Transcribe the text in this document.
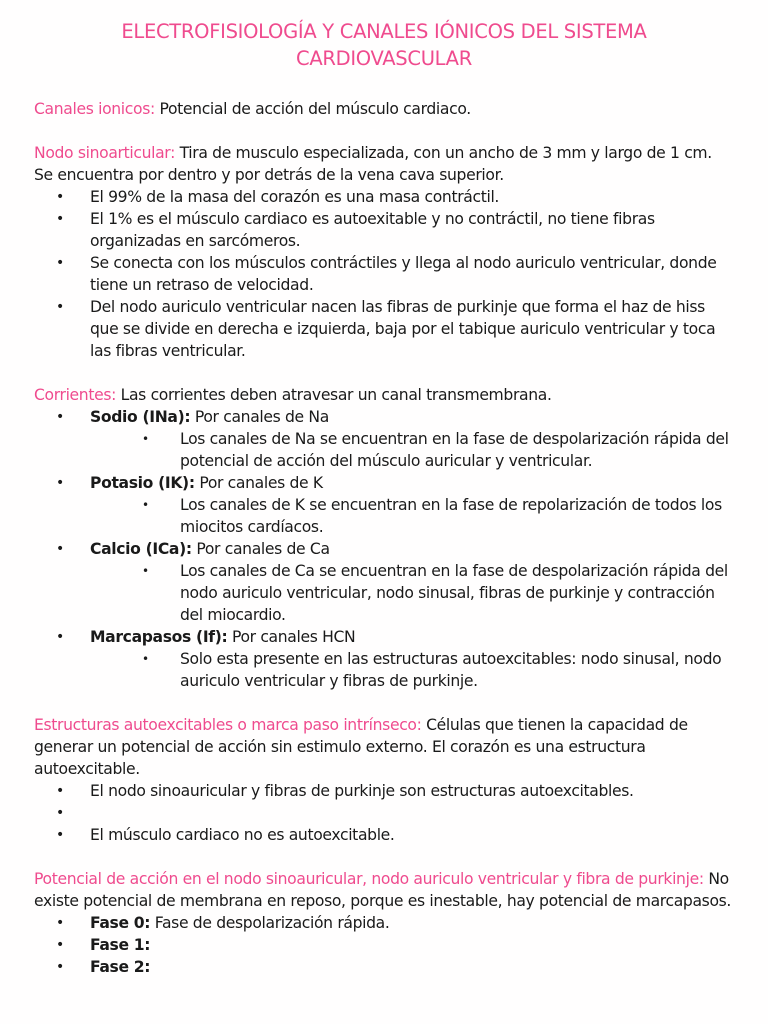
ELECTROFISIOLOGÍA Y CANALES IÓNICOS DEL SISTEMA
CARDIOVASCULAR

Canales ionicos: Potencial de acción del músculo cardiaco.

Nodo sinoarticular: Tira de musculo especializada, con un ancho de 3 mm y largo de 1 cm. Se encuentra por dentro y por detrás de la vena cava superior.

• El 99% de la masa del corazón es una masa contráctil.
• El 1% es el músculo cardiaco es autoexitable y no contráctil, no tiene fibras organizadas en sarcómeros.
• Se conecta con los músculos contráctiles y llega al nodo auriculo ventricular, donde tiene un retraso de velocidad.
• Del nodo auriculo ventricular nacen las fibras de purkinje que forma el haz de hiss que se divide en derecha e izquierda, baja por el tabique auriculo ventricular y toca las fibras ventricular.

Corrientes: Las corrientes deben atravesar un canal transmembrana.

• Sodio (INa): Por canales de Na
• Los canales de Na se encuentran en la fase de despolarización rápida del potencial de acción del músculo auricular y ventricular.
• Potasio (IK): Por canales de K
• Los canales de K se encuentran en la fase de repolarización de todos los miocitos cardíacos.
• Calcio (ICa): Por canales de Ca
• Los canales de Ca se encuentran en la fase de despolarización rápida del nodo auriculo ventricular, nodo sinusal, fibras de purkinje y contracción del miocardio.
• Marcapasos (If): Por canales HCN
• Solo esta presente en las estructuras autoexcitables: nodo sinusal, nodo auriculo ventricular y fibras de purkinje.

Estructuras autoexcitables o marca paso intrínseco: Células que tienen la capacidad de generar un potencial de acción sin estimulo externo. El corazón es una estructura autoexcitable.

• El nodo sinoauricular y fibras de purkinje son estructuras autoexcitables.
•
• El músculo cardiaco no es autoexcitable.

Potencial de acción en el nodo sinoauricular, nodo auriculo ventricular y fibra de purkinje: No existe potencial de membrana en reposo, porque es inestable, hay potencial de marcapasos.

• Fase 0: Fase de despolarización rápida.
• Fase 1:
• Fase 2:
